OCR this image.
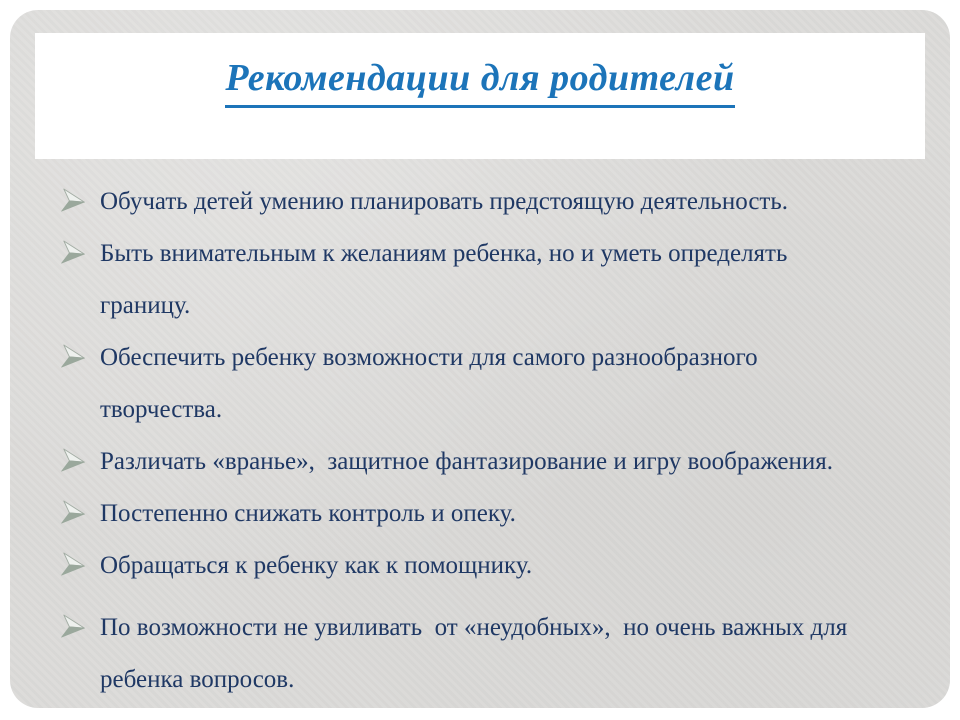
Рекомендации для родителей
Обучать детей умению планировать предстоящую деятельность.
Быть внимательным к желаниям ребенка, но и уметь определять
границу.
Обеспечить ребенку возможности для самого разнообразного
творчества.
Различать «вранье»,  защитное фантазирование и игру воображения.
Постепенно снижать контроль и опеку.
Обращаться к ребенку как к помощнику.
По возможности не увиливать  от «неудобных»,  но очень важных для
ребенка вопросов.
